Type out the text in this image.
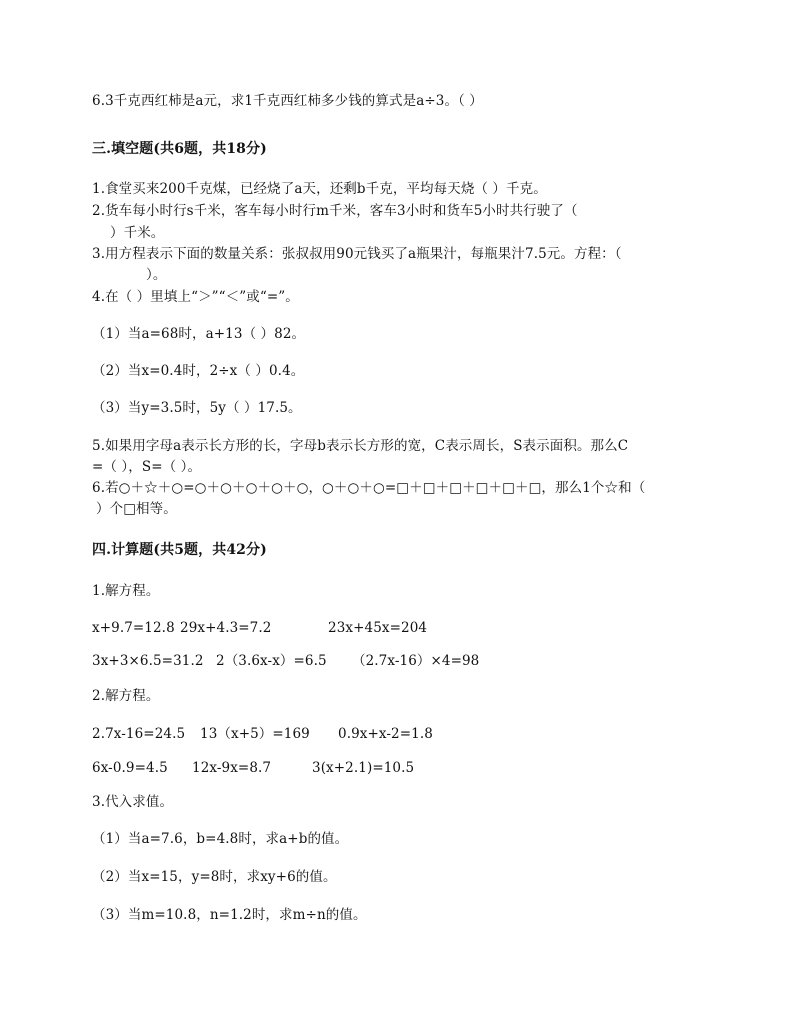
6.3千克西红柿是a元，求1千克西红柿多少钱的算式是a÷3。（ ）
三.填空题(共6题，共18分)
1.食堂买来200千克煤，已经烧了a天，还剩b千克，平均每天烧（ ）千克。
2.货车每小时行s千米，客车每小时行m千米，客车3小时和货车5小时共行驶了（
）千米。
3.用方程表示下面的数量关系：张叔叔用90元钱买了a瓶果汁，每瓶果汁7.5元。方程：（
）。
4.在（ ）里填上“＞”“＜”或“=”。
（1）当a=68时，a+13（ ）82。
（2）当x=0.4时，2÷x（ ）0.4。
（3）当y=3.5时，5y（ ）17.5。
5.如果用字母a表示长方形的长，字母b表示长方形的宽，C表示周长，S表示面积。那么C
=（ ），S=（ ）。
6.若○＋☆＋○=○＋○＋○＋○＋○，○＋○＋○=□＋□＋□＋□＋□＋□，那么1个☆和（
）个□相等。
四.计算题(共5题，共42分)
1.解方程。
x+9.7=12.8 29x+4.3=7.2	23x+45x=204
3x+3×6.5=31.2 2（3.6x-x）=6.5 （2.7x-16）×4=98
2.解方程。
2.7x-16=24.5 13（x+5）=169 0.9x+x-2=1.8
6x-0.9=4.5 12x-9x=8.7	3(x+2.1)=10.5
3.代入求值。
（1）当a=7.6，b=4.8时，求a+b的值。
（2）当x=15，y=8时，求xy+6的值。
（3）当m=10.8，n=1.2时，求m÷n的值。
